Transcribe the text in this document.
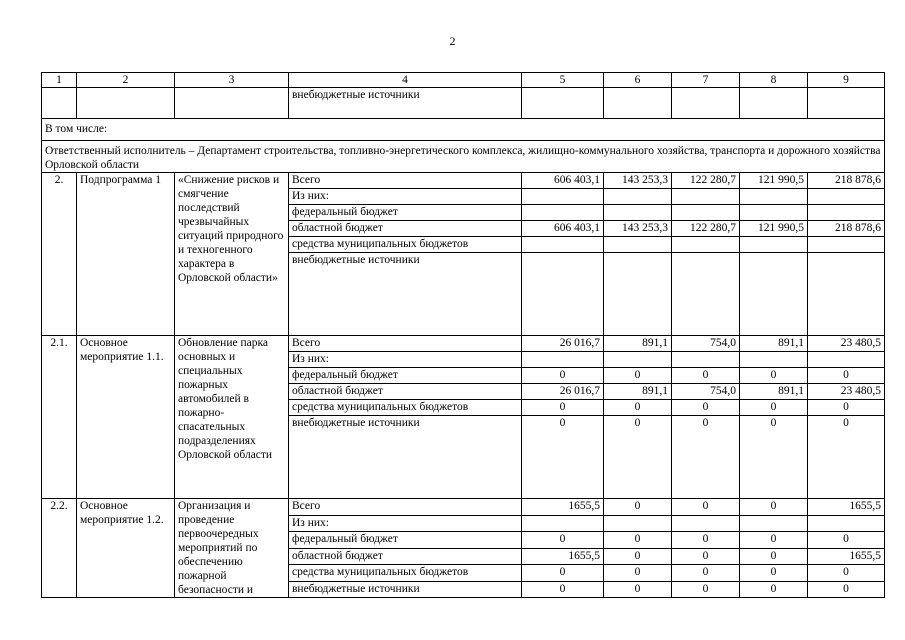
2
1	2	3	4	5	6	7	8	9
			внебюджетные источники					
В том числе:								
Ответственный исполнитель – Департамент строительства, топливно-энергетического комплекса, жилищно-коммунального хозяйства, транспорта и дорожного хозяйства Орловской области								
2.	Подпрограмма 1	«Снижение рисков и смягчение последствий чрезвычайных ситуаций природного и техногенного характера в Орловской области»	Всего	606 403,1	143 253,3	122 280,7	121 990,5	218 878,6
			Из них:					
			федеральный бюджет					
			областной бюджет	606 403,1	143 253,3	122 280,7	121 990,5	218 878,6
			средства муниципальных бюджетов					
			внебюджетные источники					
2.1.	Основное мероприятие 1.1.	Обновление парка основных и специальных пожарных автомобилей в пожарно-спасательных подразделениях Орловской области	Всего	26 016,7	891,1	754,0	891,1	23 480,5
			Из них:					
			федеральный бюджет	0	0	0	0	0
			областной бюджет	26 016,7	891,1	754,0	891,1	23 480,5
			средства муниципальных бюджетов	0	0	0	0	0
			внебюджетные источники	0	0	0	0	0
2.2.	Основное мероприятие 1.2.	Организация и проведение первоочередных мероприятий по обеспечению пожарной безопасности и	Всего	1655,5	0	0	0	1655,5
			Из них:					
			федеральный бюджет	0	0	0	0	0
			областной бюджет	1655,5	0	0	0	1655,5
			средства муниципальных бюджетов	0	0	0	0	0
			внебюджетные источники	0	0	0	0	0
